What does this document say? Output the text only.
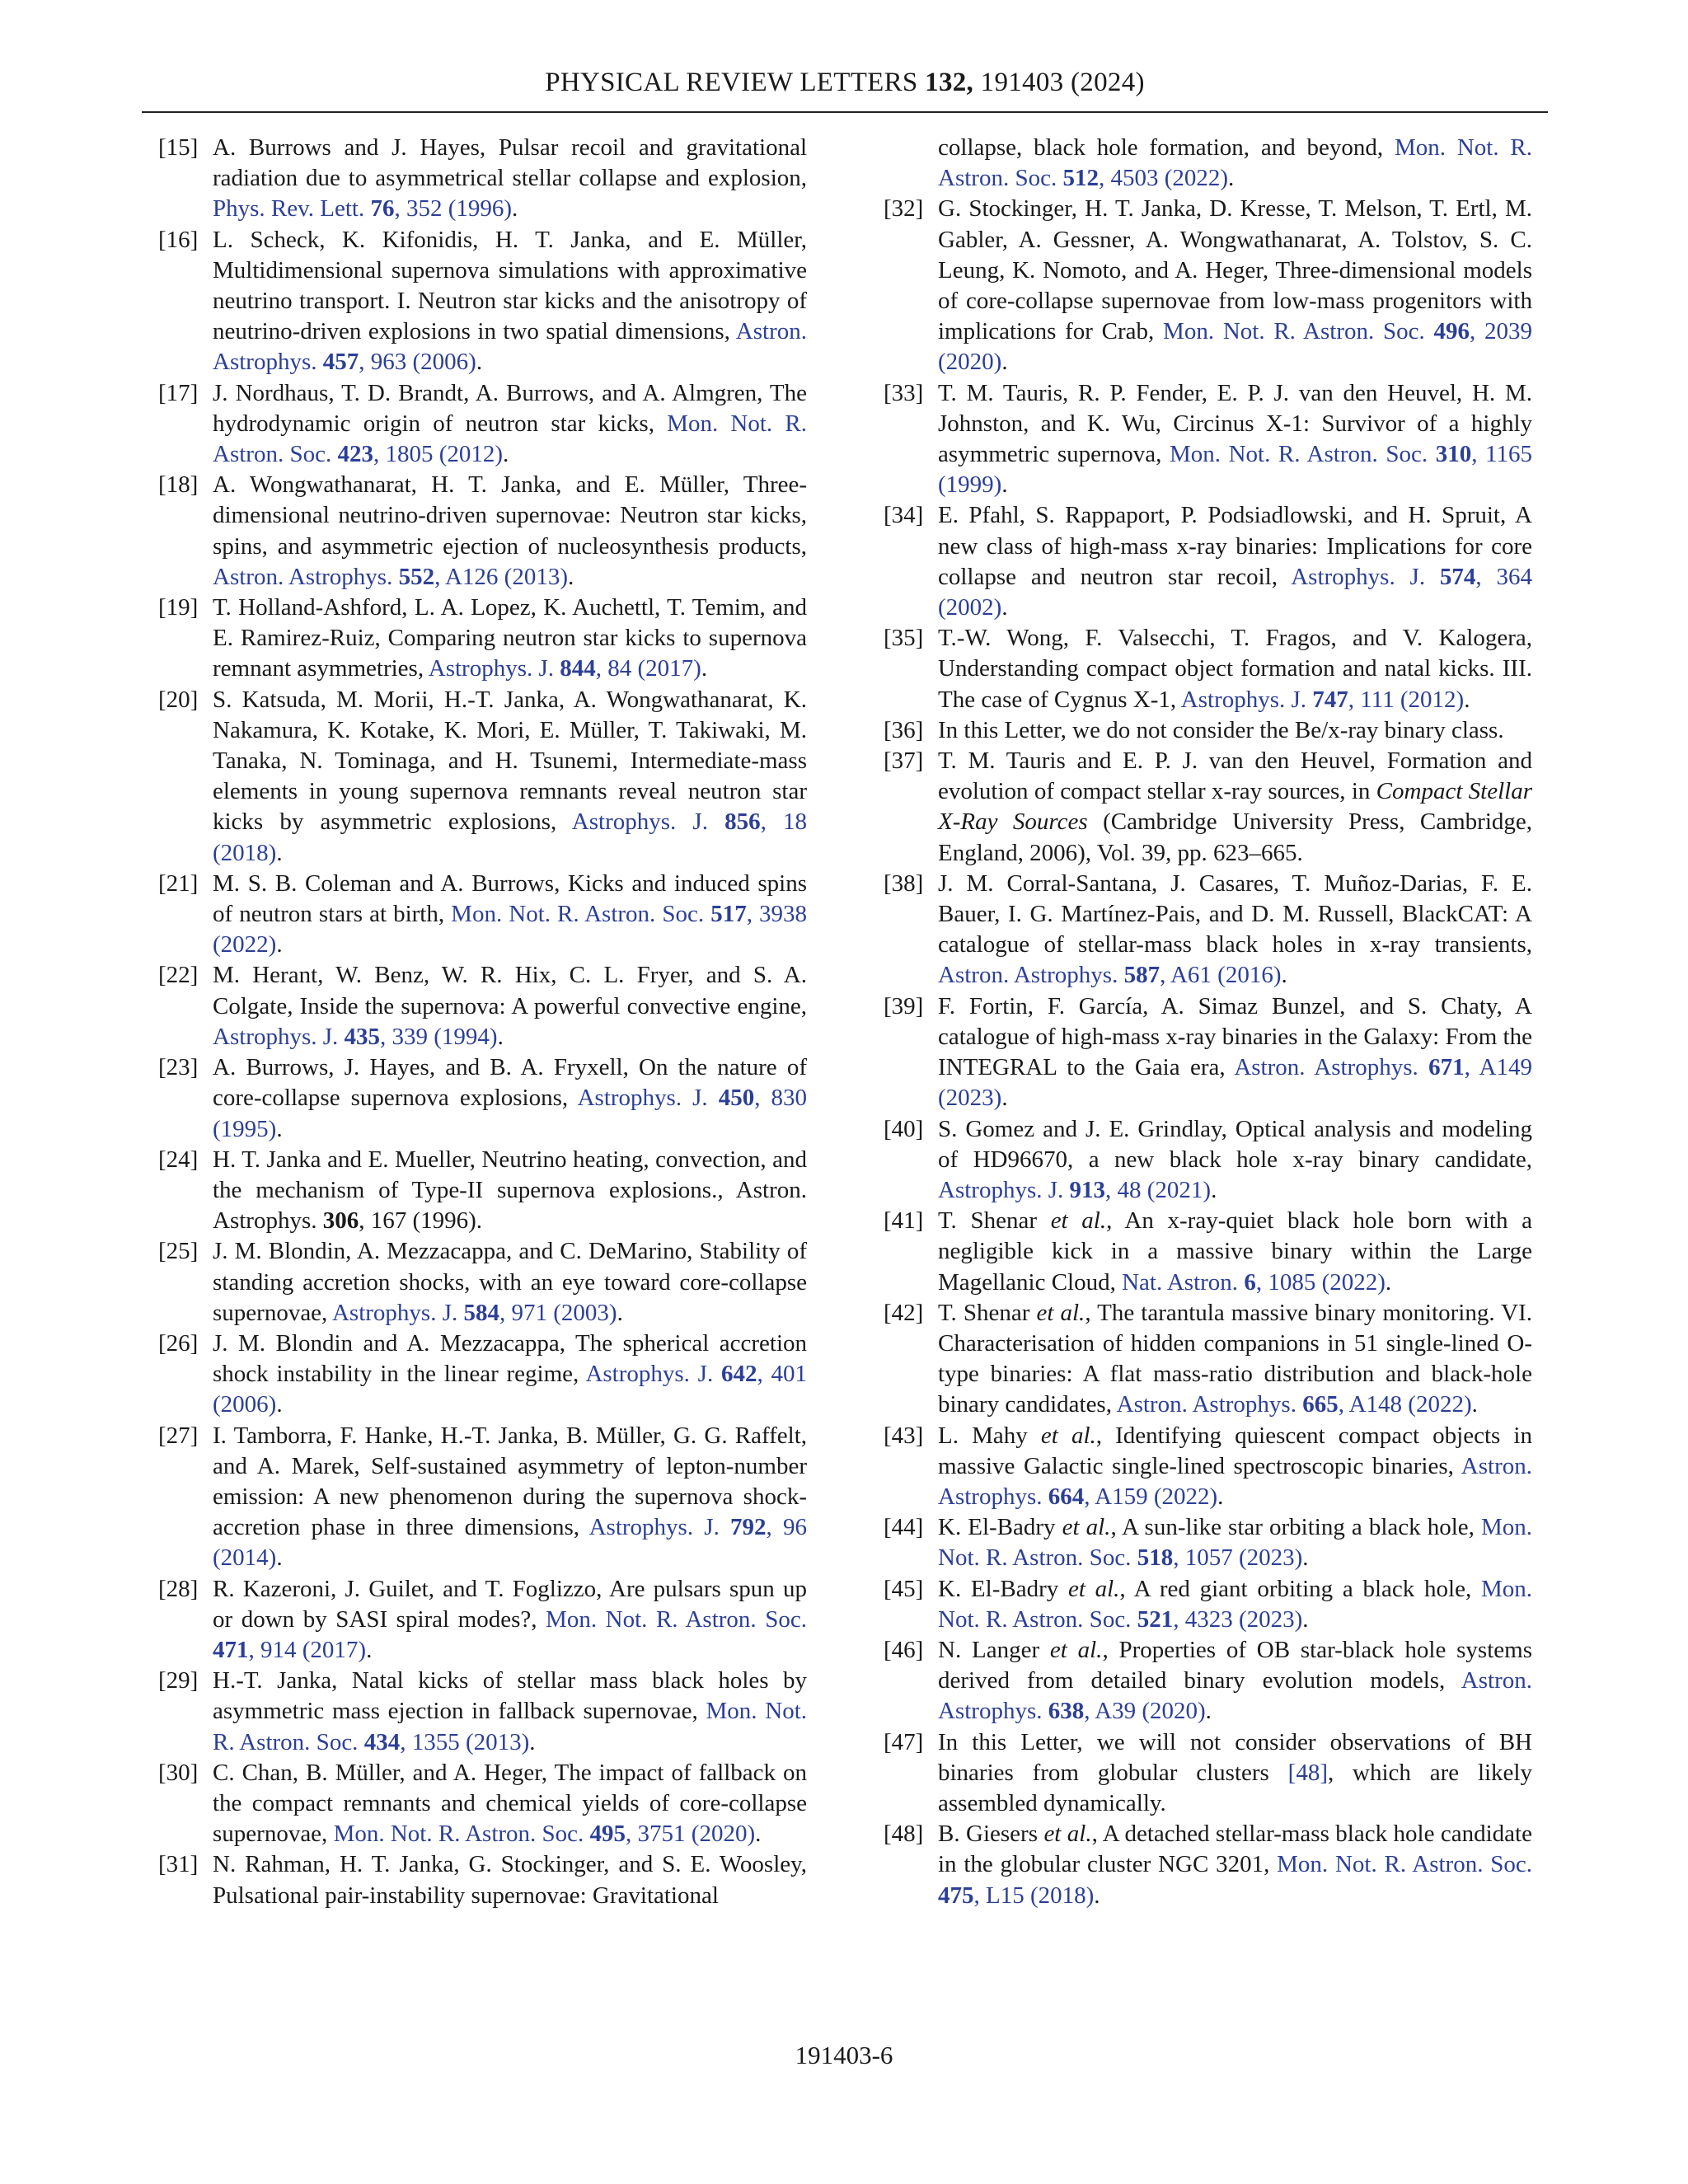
PHYSICAL REVIEW LETTERS 132, 191403 (2024)
[15] A. Burrows and J. Hayes, Pulsar recoil and gravitational radiation due to asymmetrical stellar collapse and explosion, Phys. Rev. Lett. 76, 352 (1996).
[16] L. Scheck, K. Kifonidis, H. T. Janka, and E. Müller, Multidimensional supernova simulations with approximative neutrino transport. I. Neutron star kicks and the anisotropy of neutrino-driven explosions in two spatial dimensions, Astron. Astrophys. 457, 963 (2006).
[17] J. Nordhaus, T. D. Brandt, A. Burrows, and A. Almgren, The hydrodynamic origin of neutron star kicks, Mon. Not. R. Astron. Soc. 423, 1805 (2012).
[18] A. Wongwathanarat, H. T. Janka, and E. Müller, Three-dimensional neutrino-driven supernovae: Neutron star kicks, spins, and asymmetric ejection of nucleosynthesis products, Astron. Astrophys. 552, A126 (2013).
[19] T. Holland-Ashford, L. A. Lopez, K. Auchettl, T. Temim, and E. Ramirez-Ruiz, Comparing neutron star kicks to supernova remnant asymmetries, Astrophys. J. 844, 84 (2017).
[20] S. Katsuda, M. Morii, H.-T. Janka, A. Wongwathanarat, K. Nakamura, K. Kotake, K. Mori, E. Müller, T. Takiwaki, M. Tanaka, N. Tominaga, and H. Tsunemi, Intermediate-mass elements in young supernova remnants reveal neutron star kicks by asymmetric explosions, Astrophys. J. 856, 18 (2018).
[21] M. S. B. Coleman and A. Burrows, Kicks and induced spins of neutron stars at birth, Mon. Not. R. Astron. Soc. 517, 3938 (2022).
[22] M. Herant, W. Benz, W. R. Hix, C. L. Fryer, and S. A. Colgate, Inside the supernova: A powerful convective engine, Astrophys. J. 435, 339 (1994).
[23] A. Burrows, J. Hayes, and B. A. Fryxell, On the nature of core-collapse supernova explosions, Astrophys. J. 450, 830 (1995).
[24] H. T. Janka and E. Mueller, Neutrino heating, convection, and the mechanism of Type-II supernova explosions., Astron. Astrophys. 306, 167 (1996).
[25] J. M. Blondin, A. Mezzacappa, and C. DeMarino, Stability of standing accretion shocks, with an eye toward core-collapse supernovae, Astrophys. J. 584, 971 (2003).
[26] J. M. Blondin and A. Mezzacappa, The spherical accretion shock instability in the linear regime, Astrophys. J. 642, 401 (2006).
[27] I. Tamborra, F. Hanke, H.-T. Janka, B. Müller, G. G. Raffelt, and A. Marek, Self-sustained asymmetry of lepton-number emission: A new phenomenon during the supernova shock-accretion phase in three dimensions, Astrophys. J. 792, 96 (2014).
[28] R. Kazeroni, J. Guilet, and T. Foglizzo, Are pulsars spun up or down by SASI spiral modes?, Mon. Not. R. Astron. Soc. 471, 914 (2017).
[29] H.-T. Janka, Natal kicks of stellar mass black holes by asymmetric mass ejection in fallback supernovae, Mon. Not. R. Astron. Soc. 434, 1355 (2013).
[30] C. Chan, B. Müller, and A. Heger, The impact of fallback on the compact remnants and chemical yields of core-collapse supernovae, Mon. Not. R. Astron. Soc. 495, 3751 (2020).
[31] N. Rahman, H. T. Janka, G. Stockinger, and S. E. Woosley, Pulsational pair-instability supernovae: Gravitational
collapse, black hole formation, and beyond, Mon. Not. R. Astron. Soc. 512, 4503 (2022).
[32] G. Stockinger, H. T. Janka, D. Kresse, T. Melson, T. Ertl, M. Gabler, A. Gessner, A. Wongwathanarat, A. Tolstov, S. C. Leung, K. Nomoto, and A. Heger, Three-dimensional models of core-collapse supernovae from low-mass progenitors with implications for Crab, Mon. Not. R. Astron. Soc. 496, 2039 (2020).
[33] T. M. Tauris, R. P. Fender, E. P. J. van den Heuvel, H. M. Johnston, and K. Wu, Circinus X-1: Survivor of a highly asymmetric supernova, Mon. Not. R. Astron. Soc. 310, 1165 (1999).
[34] E. Pfahl, S. Rappaport, P. Podsiadlowski, and H. Spruit, A new class of high-mass x-ray binaries: Implications for core collapse and neutron star recoil, Astrophys. J. 574, 364 (2002).
[35] T.-W. Wong, F. Valsecchi, T. Fragos, and V. Kalogera, Understanding compact object formation and natal kicks. III. The case of Cygnus X-1, Astrophys. J. 747, 111 (2012).
[36] In this Letter, we do not consider the Be/x-ray binary class.
[37] T. M. Tauris and E. P. J. van den Heuvel, Formation and evolution of compact stellar x-ray sources, in Compact Stellar X-Ray Sources (Cambridge University Press, Cambridge, England, 2006), Vol. 39, pp. 623–665.
[38] J. M. Corral-Santana, J. Casares, T. Muñoz-Darias, F. E. Bauer, I. G. Martínez-Pais, and D. M. Russell, BlackCAT: A catalogue of stellar-mass black holes in x-ray transients, Astron. Astrophys. 587, A61 (2016).
[39] F. Fortin, F. García, A. Simaz Bunzel, and S. Chaty, A catalogue of high-mass x-ray binaries in the Galaxy: From the INTEGRAL to the Gaia era, Astron. Astrophys. 671, A149 (2023).
[40] S. Gomez and J. E. Grindlay, Optical analysis and modeling of HD96670, a new black hole x-ray binary candidate, Astrophys. J. 913, 48 (2021).
[41] T. Shenar et al., An x-ray-quiet black hole born with a negligible kick in a massive binary within the Large Magellanic Cloud, Nat. Astron. 6, 1085 (2022).
[42] T. Shenar et al., The tarantula massive binary monitoring. VI. Characterisation of hidden companions in 51 single-lined O-type binaries: A flat mass-ratio distribution and black-hole binary candidates, Astron. Astrophys. 665, A148 (2022).
[43] L. Mahy et al., Identifying quiescent compact objects in massive Galactic single-lined spectroscopic binaries, Astron. Astrophys. 664, A159 (2022).
[44] K. El-Badry et al., A sun-like star orbiting a black hole, Mon. Not. R. Astron. Soc. 518, 1057 (2023).
[45] K. El-Badry et al., A red giant orbiting a black hole, Mon. Not. R. Astron. Soc. 521, 4323 (2023).
[46] N. Langer et al., Properties of OB star-black hole systems derived from detailed binary evolution models, Astron. Astrophys. 638, A39 (2020).
[47] In this Letter, we will not consider observations of BH binaries from globular clusters [48], which are likely assembled dynamically.
[48] B. Giesers et al., A detached stellar-mass black hole candidate in the globular cluster NGC 3201, Mon. Not. R. Astron. Soc. 475, L15 (2018).
191403-6
